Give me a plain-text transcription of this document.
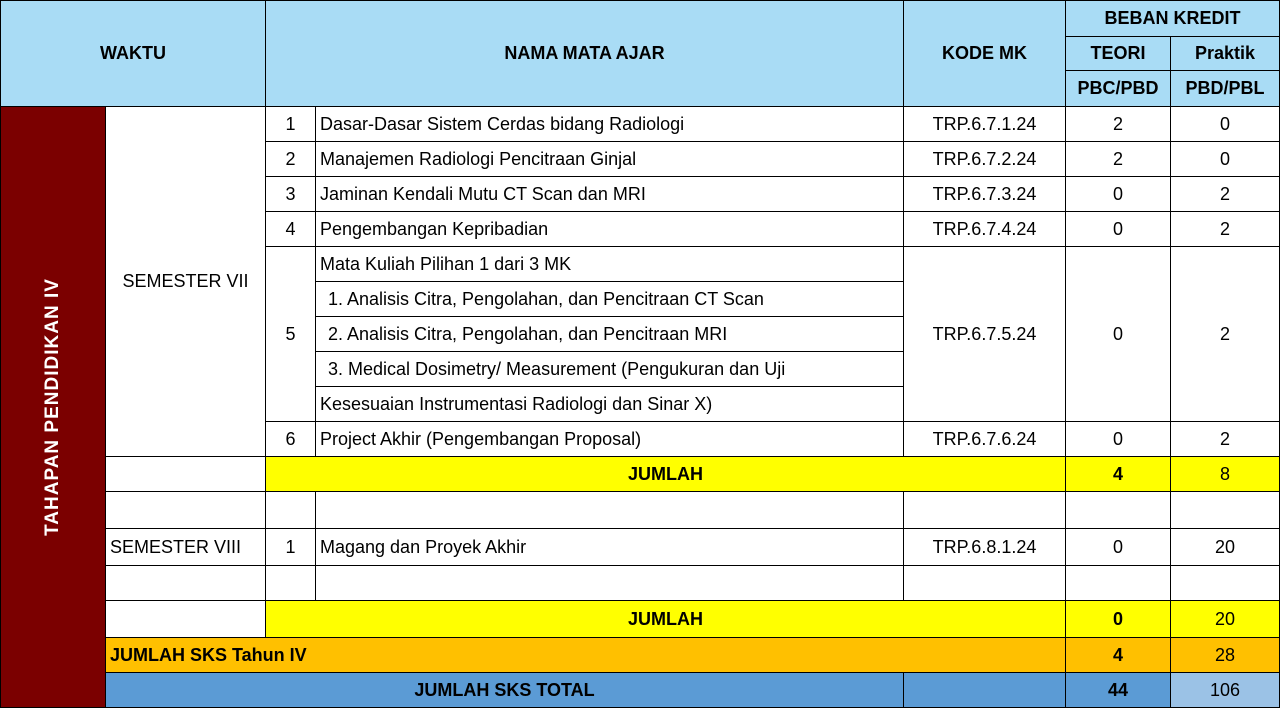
WAKTU		NAMA MATA AJAR		KODE MK	BEBAN KREDIT	
					TEORI	Praktik
					PBC/PBD	PBD/PBL

TAHAPAN PENDIDIKAN IV	SEMESTER VII	1	Dasar-Dasar Sistem Cerdas bidang Radiologi	TRP.6.7.1.24	2	0
		2	Manajemen Radiologi Pencitraan Ginjal	TRP.6.7.2.24	2	0
		3	Jaminan Kendali Mutu CT Scan dan MRI	TRP.6.7.3.24	0	2
		4	Pengembangan Kepribadian	TRP.6.7.4.24	0	2
		5	Mata Kuliah Pilihan 1 dari 3 MK	TRP.6.7.5.24	0	2
			1. Analisis Citra, Pengolahan, dan Pencitraan CT Scan			
			2. Analisis Citra, Pengolahan, dan Pencitraan MRI			
			3. Medical Dosimetry/ Measurement (Pengukuran dan Uji			
			Kesesuaian Instrumentasi Radiologi dan Sinar X)			
		6	Project Akhir (Pengembangan Proposal)	TRP.6.7.6.24	0	2
		JUMLAH			4	8

	SEMESTER VIII	1	Magang dan Proyek Akhir	TRP.6.8.1.24	0	20

		JUMLAH			0	20
	JUMLAH SKS Tahun IV				4	28
	JUMLAH SKS TOTAL				44	106
